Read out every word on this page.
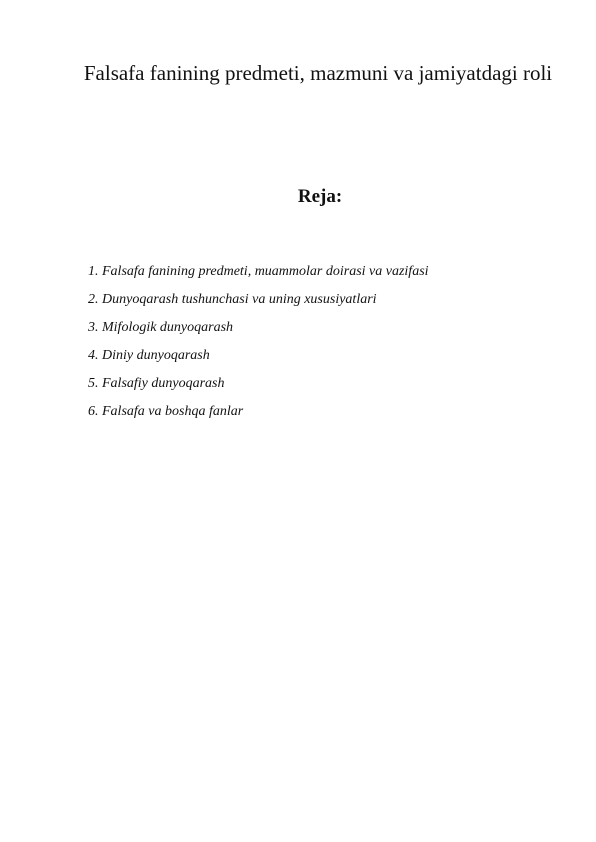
Falsafa fanining predmeti, mazmuni va jamiyatdagi roli
Reja:
1. Falsafa fanining predmeti, muammolar doirasi va vazifasi
2. Dunyoqarash tushunchasi va uning xususiyatlari
3. Mifologik dunyoqarash
4. Diniy dunyoqarash
5. Falsafiy dunyoqarash
6. Falsafa va boshqa fanlar
